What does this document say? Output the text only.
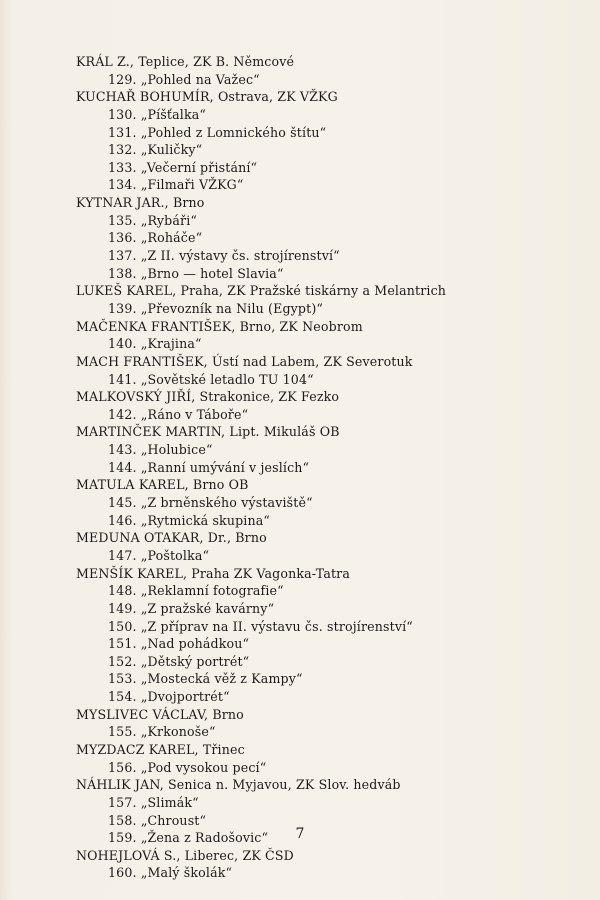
KRÁL Z., Teplice, ZK B. Němcové
129. „Pohled na Važec“
KUCHAŘ BOHUMÍR, Ostrava, ZK VŽKG
130. „Píšťalka“
131. „Pohled z Lomnického štítu“
132. „Kuličky“
133. „Večerní přistání“
134. „Filmaři VŽKG“
KYTNAR JAR., Brno
135. „Rybáři“
136. „Roháče“
137. „Z II. výstavy čs. strojírenství“
138. „Brno — hotel Slavia“
LUKEŠ KAREL, Praha, ZK Pražské tiskárny a Melantrich
139. „Převozník na Nilu (Egypt)“
MAČENKA FRANTIŠEK, Brno, ZK Neobrom
140. „Krajina“
MACH FRANTIŠEK, Ústí nad Labem, ZK Severotuk
141. „Sovětské letadlo TU 104“
MALKOVSKÝ JIŘÍ, Strakonice, ZK Fezko
142. „Ráno v Táboře“
MARTINČEK MARTIN, Lipt. Mikuláš OB
143. „Holubice“
144. „Ranní umývání v jeslích“
MATULA KAREL, Brno OB
145. „Z brněnského výstaviště“
146. „Rytmická skupina“
MEDUNA OTAKAR, Dr., Brno
147. „Poštolka“
MENŠÍK KAREL, Praha ZK Vagonka-Tatra
148. „Reklamní fotografie“
149. „Z pražské kavárny“
150. „Z příprav na II. výstavu čs. strojírenství“
151. „Nad pohádkou“
152. „Dětský portrét“
153. „Mostecká věž z Kampy“
154. „Dvojportrét“
MYSLIVEC VÁCLAV, Brno
155. „Krkonoše“
MYZDACZ KAREL, Třinec
156. „Pod vysokou pecí“
NÁHLIK JAN, Senica n. Myjavou, ZK Slov. hedváb
157. „Slimák“
158. „Chroust“
159. „Žena z Radošovic“
NOHEJLOVÁ S., Liberec, ZK ČSD
160. „Malý školák“
7
